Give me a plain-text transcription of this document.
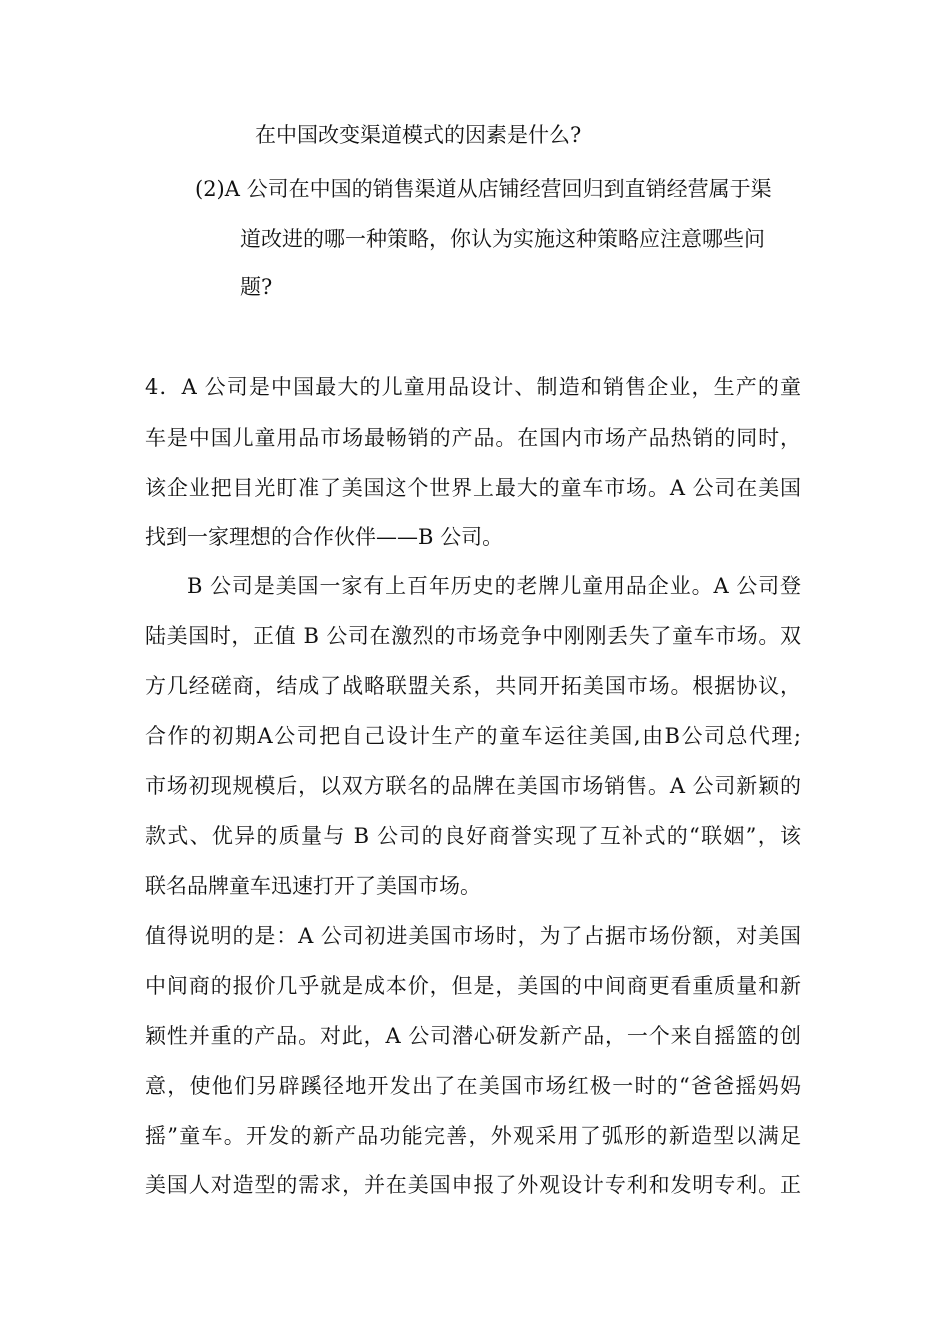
在中国改变渠道模式的因素是什么?

(2)A 公司在中国的销售渠道从店铺经营回归到直销经营属于渠

道改进的哪一种策略，你认为实施这种策略应注意哪些问

题?

4．A 公司是中国最大的儿童用品设计、制造和销售企业，生产的童

车是中国儿童用品市场最畅销的产品。在国内市场产品热销的同时，

该企业把目光盯准了美国这个世界上最大的童车市场。A 公司在美国

找到一家理想的合作伙伴——B 公司。

B 公司是美国一家有上百年历史的老牌儿童用品企业。A 公司登

陆美国时，正值 B 公司在激烈的市场竞争中刚刚丢失了童车市场。双

方几经磋商，结成了战略联盟关系，共同开拓美国市场。根据协议，

合作的初期A公司把自己设计生产的童车运往美国,由B公司总代理;

市场初现规模后，以双方联名的品牌在美国市场销售。A 公司新颖的

款式、优异的质量与 B 公司的良好商誉实现了互补式的“联姻”，该

联名品牌童车迅速打开了美国市场。

值得说明的是：A 公司初进美国市场时，为了占据市场份额，对美国

中间商的报价几乎就是成本价，但是，美国的中间商更看重质量和新

颖性并重的产品。对此，A 公司潜心研发新产品，一个来自摇篮的创

意，使他们另辟蹊径地开发出了在美国市场红极一时的“爸爸摇妈妈

摇”童车。开发的新产品功能完善，外观采用了弧形的新造型以满足

美国人对造型的需求，并在美国申报了外观设计专利和发明专利。正
